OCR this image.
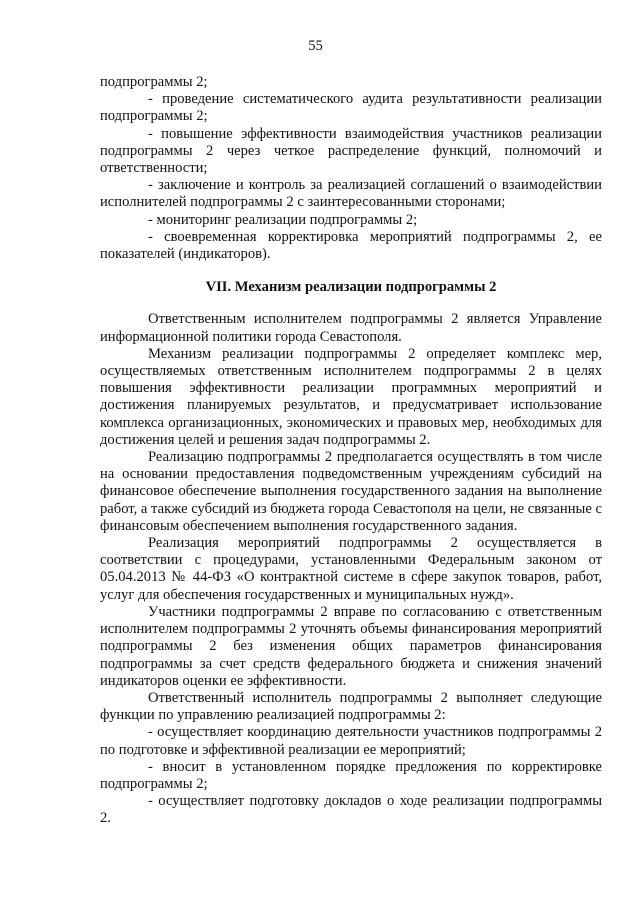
55

подпрограммы 2;

- проведение систематического аудита результативности реализации подпрограммы 2;

- повышение эффективности взаимодействия участников реализации подпрограммы 2 через четкое распределение функций, полномочий и ответственности;

- заключение и контроль за реализацией соглашений о взаимодействии исполнителей подпрограммы 2 с заинтересованными сторонами;

- мониторинг реализации подпрограммы 2;

- своевременная корректировка мероприятий подпрограммы 2, ее показателей (индикаторов).

VII. Механизм реализации подпрограммы 2

Ответственным исполнителем подпрограммы 2 является Управление информационной политики города Севастополя.

Механизм реализации подпрограммы 2 определяет комплекс мер, осуществляемых ответственным исполнителем подпрограммы 2 в целях повышения эффективности реализации программных мероприятий и достижения планируемых результатов, и предусматривает использование комплекса организационных, экономических и правовых мер, необходимых для достижения целей и решения задач подпрограммы 2.

Реализацию подпрограммы 2 предполагается осуществлять в том числе на основании предоставления подведомственным учреждениям субсидий на финансовое обеспечение выполнения государственного задания на выполнение работ, а также субсидий из бюджета города Севастополя на цели, не связанные с финансовым обеспечением выполнения государственного задания.

Реализация мероприятий подпрограммы 2 осуществляется в соответствии с процедурами, установленными Федеральным законом от 05.04.2013 № 44-ФЗ «О контрактной системе в сфере закупок товаров, работ, услуг для обеспечения государственных и муниципальных нужд».

Участники подпрограммы 2 вправе по согласованию с ответственным исполнителем подпрограммы 2 уточнять объемы финансирования мероприятий подпрограммы 2 без изменения общих параметров финансирования подпрограммы за счет средств федерального бюджета и снижения значений индикаторов оценки ее эффективности.

Ответственный исполнитель подпрограммы 2 выполняет следующие функции по управлению реализацией подпрограммы 2:

- осуществляет координацию деятельности участников подпрограммы 2 по подготовке и эффективной реализации ее мероприятий;

- вносит в установленном порядке предложения по корректировке подпрограммы 2;

- осуществляет подготовку докладов о ходе реализации подпрограммы 2.
